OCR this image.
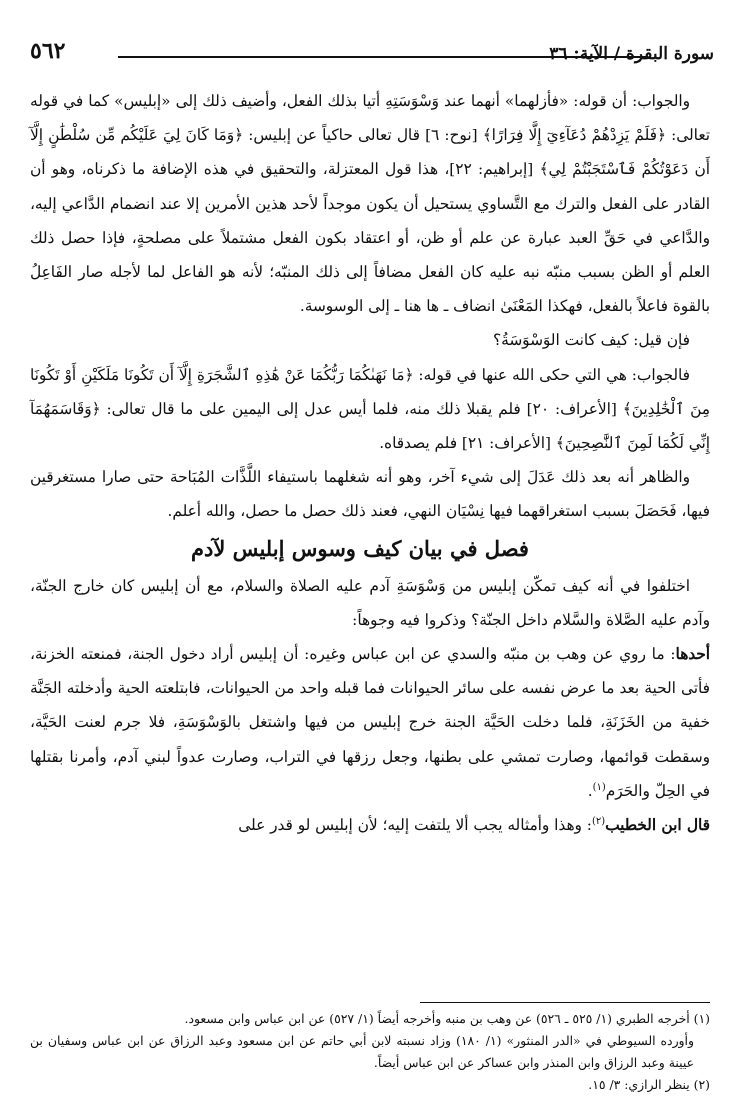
سورة البقرة / الآية: ٣٦
٥٦٢

والجواب: أن قوله: «فأزلهما» أنهما عند وَسْوَسَتِهِ أتيا بذلك الفعل، وأضيف ذلك إلى «إبليس» كما في قوله تعالى: ﴿فَلَمْ يَزِدْهُمْ دُعَآءِيٓ إِلَّا فِرَارًا﴾ [نوح: ٦] قال تعالى حاكياً عن إبليس: ﴿وَمَا كَانَ لِيَ عَلَيْكُم مِّن سُلْطَٰنٍ إِلَّآ أَن دَعَوْتُكُمْ فَٱسْتَجَبْتُمْ لِي﴾ [إبراهيم: ٢٢]، هذا قول المعتزلة، والتحقيق في هذه الإضافة ما ذكرناه، وهو أن القادر على الفعل والترك مع التَّساوي يستحيل أن يكون موجداً لأحد هذين الأمرين إلا عند انضمام الدَّاعي إليه، والدَّاعي في حَقِّ العبد عبارة عن علم أو ظن، أو اعتقاد بكون الفعل مشتملاً على مصلحةٍ، فإذا حصل ذلك العلم أو الظن بسبب منبّه نبه عليه كان الفعل مضافاً إلى ذلك المنبّه؛ لأنه هو الفاعل لما لأجله صار الفَاعِلُ بالقوة فاعلاً بالفعل، فهكذا المَعْنَىٰ انضاف ـ ها هنا ـ إلى الوسوسة.

فإن قيل: كيف كانت الوَسْوَسَةُ؟

فالجواب: هي التي حكى الله عنها في قوله: ﴿مَا نَهَىٰكُمَا رَبُّكُمَا عَنْ هَٰذِهِ ٱلشَّجَرَةِ إِلَّآ أَن تَكُونَا مَلَكَيْنِ أَوْ تَكُونَا مِنَ ٱلْخَٰلِدِينَ﴾ [الأعراف: ٢٠] فلم يقبلا ذلك منه، فلما أيس عدل إلى اليمين على ما قال تعالى: ﴿وَقَاسَمَهُمَآ إِنِّي لَكُمَا لَمِنَ ٱلنَّٰصِحِينَ﴾ [الأعراف: ٢١] فلم يصدقاه.

والظاهر أنه بعد ذلك عَدَلَ إلى شيء آخر، وهو أنه شغلهما باستيفاء اللَّذَّات المُبَاحة حتى صارا مستغرقين فيها، فَحَصَلَ بسبب استغراقهما فيها نِسْيَان النهي، فعند ذلك حصل ما حصل، والله أعلم.

فصل في بيان كيف وسوس إبليس لآدم

اختلفوا في أنه كيف تمكّن إبليس من وَسْوَسَةِ آدم عليه الصلاة والسلام، مع أن إبليس كان خارج الجنّة، وآدم عليه الصَّلاة والسَّلام داخل الجنّة؟ وذكروا فيه وجوهاً:

أحدها: ما روي عن وهب بن منبّه والسدي عن ابن عباس وغيره: أن إبليس أراد دخول الجنة، فمنعته الخزنة، فأتى الحية بعد ما عرض نفسه على سائر الحيوانات فما قبله واحد من الحيوانات، فابتلعته الحية وأدخلته الجَنَّة خفية من الخَزَنَةِ، فلما دخلت الحَيَّة الجنة خرج إبليس من فيها واشتغل بالوَسْوَسَةِ، فلا جرم لعنت الحَيَّة، وسقطت قوائمها، وصارت تمشي على بطنها، وجعل رزقها في التراب، وصارت عدواً لبني آدم، وأمرنا بقتلها في الحِلّ والحَرَم$^{(١)}$.

قال ابن الخطيب$^{(٢)}$: وهذا وأمثاله يجب ألا يلتفت إليه؛ لأن إبليس لو قدر على

(١) أخرجه الطبري (١/ ٥٢٥ ـ ٥٢٦) عن وهب بن منبه وأخرجه أيضاً (١/ ٥٢٧) عن ابن عباس وابن مسعود.

وأورده السيوطي في «الدر المنثور» (١/ ١٨٠) وزاد نسبته لابن أبي حاتم عن ابن مسعود وعبد الرزاق عن ابن عباس وسفيان بن عيينة وعبد الرزاق وابن المنذر وابن عساكر عن ابن عباس أيضاً.

(٢) ينظر الرازي: ٣/ ١٥.
